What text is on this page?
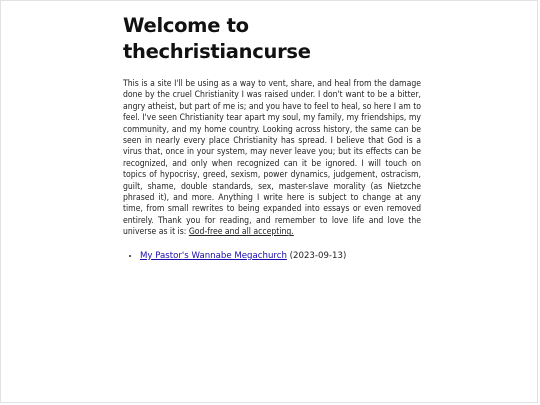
Welcome to thechristiancurse

This is a site I'll be using as a way to vent, share, and heal from the damage done by the cruel Christianity I was raised under. I don't want to be a bitter, angry atheist, but part of me is; and you have to feel to heal, so here I am to feel. I've seen Christianity tear apart my soul, my family, my friendships, my community, and my home country. Looking across history, the same can be seen in nearly every place Christianity has spread. I believe that God is a virus that, once in your system, may never leave you; but its effects can be recognized, and only when recognized can it be ignored. I will touch on topics of hypocrisy, greed, sexism, power dynamics, judgement, ostracism, guilt, shame, double standards, sex, master-slave morality (as Nietzche phrased it), and more. Anything I write here is subject to change at any time, from small rewrites to being expanded into essays or even removed entirely. Thank you for reading, and remember to love life and love the universe as it is: God-free and all accepting.

• My Pastor's Wannabe Megachurch (2023-09-13)
